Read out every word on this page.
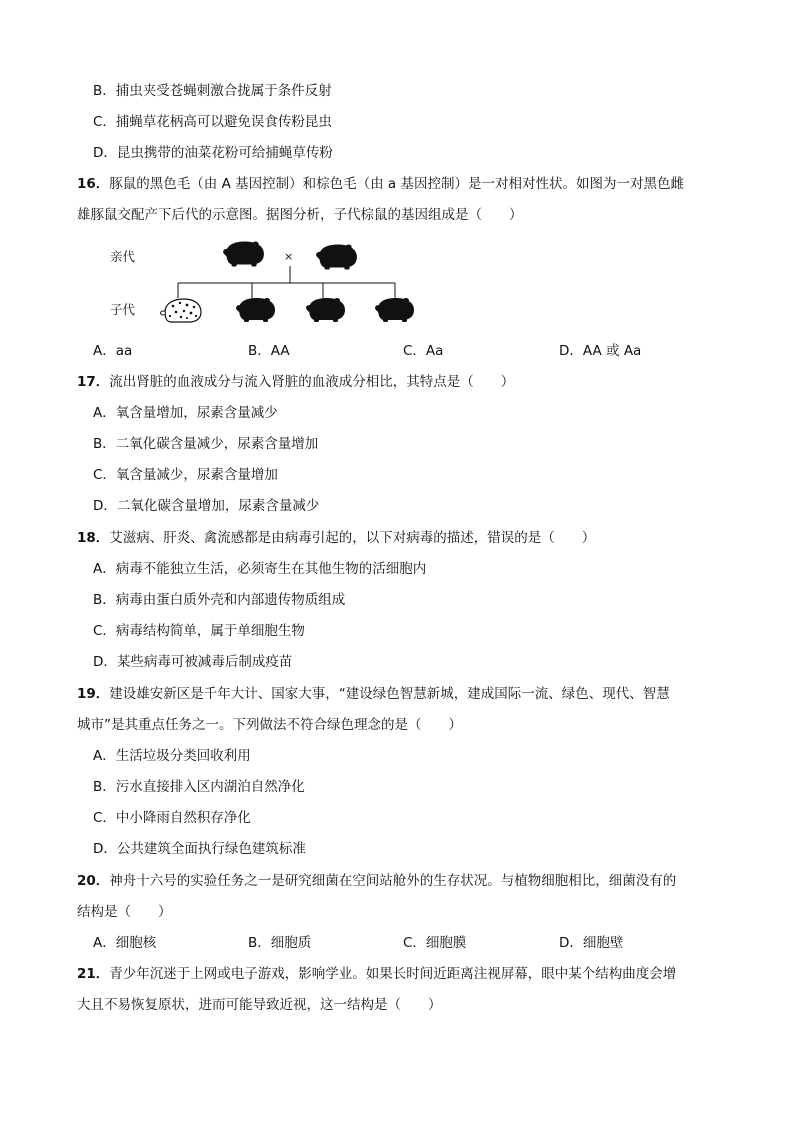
B．捕虫夹受苍蝇刺激合拢属于条件反射
C．捕蝇草花柄高可以避免误食传粉昆虫
D．昆虫携带的油菜花粉可给捕蝇草传粉
16．豚鼠的黑色毛（由 A 基因控制）和棕色毛（由 a 基因控制）是一对相对性状。如图为一对黑色雌
雄豚鼠交配产下后代的示意图。据图分析，子代棕鼠的基因组成是（　　）
亲代
子代
×
A．aa	B．AA	C．Aa	D．AA 或 Aa
17．流出肾脏的血液成分与流入肾脏的血液成分相比，其特点是（　　）
A．氧含量增加，尿素含量减少
B．二氧化碳含量减少，尿素含量增加
C．氧含量减少，尿素含量增加
D．二氧化碳含量增加，尿素含量减少
18．艾滋病、肝炎、禽流感都是由病毒引起的，以下对病毒的描述，错误的是（　　）
A．病毒不能独立生活，必须寄生在其他生物的活细胞内
B．病毒由蛋白质外壳和内部遗传物质组成
C．病毒结构简单，属于单细胞生物
D．某些病毒可被减毒后制成疫苗
19．建设雄安新区是千年大计、国家大事，“建设绿色智慧新城，建成国际一流、绿色、现代、智慧
城市”是其重点任务之一。下列做法不符合绿色理念的是（　　）
A．生活垃圾分类回收利用
B．污水直接排入区内湖泊自然净化
C．中小降雨自然积存净化
D．公共建筑全面执行绿色建筑标准
20．神舟十六号的实验任务之一是研究细菌在空间站舱外的生存状况。与植物细胞相比，细菌没有的
结构是（　　）
A．细胞核	B．细胞质	C．细胞膜	D．细胞壁
21．青少年沉迷于上网或电子游戏，影响学业。如果长时间近距离注视屏幕，眼中某个结构曲度会增
大且不易恢复原状，进而可能导致近视，这一结构是（　　）
